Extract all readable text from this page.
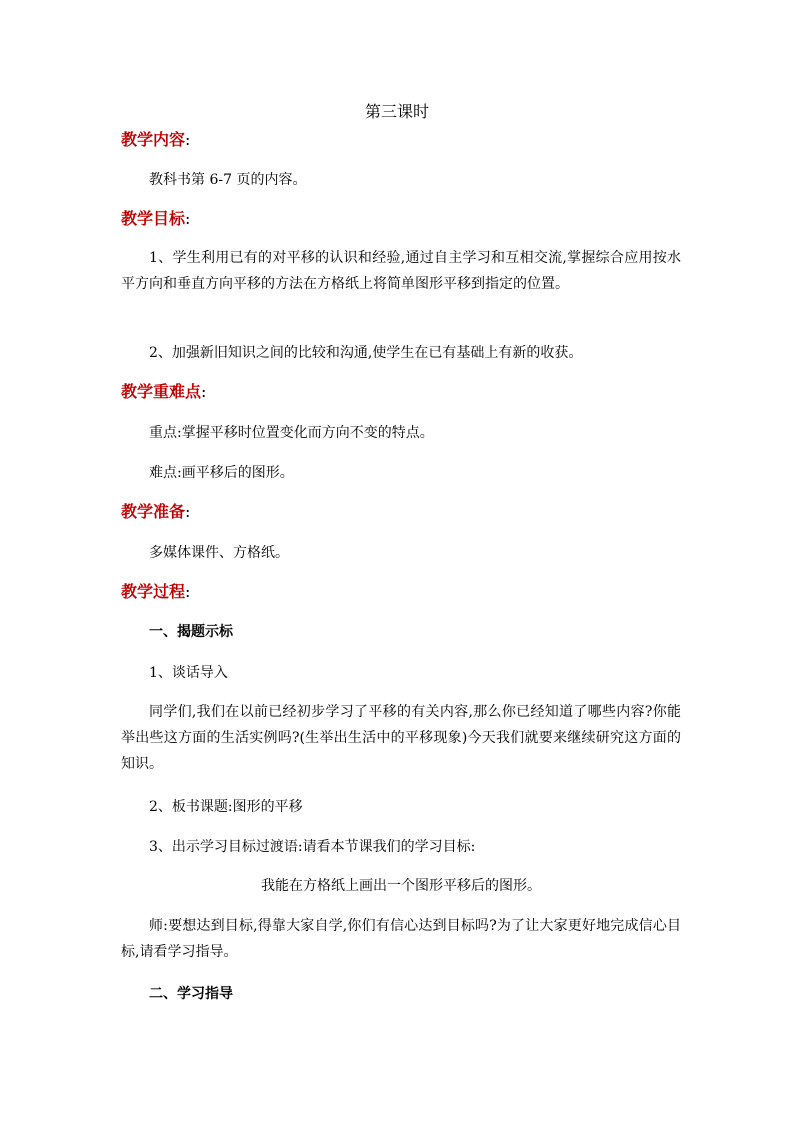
第三课时
教学内容:
教科书第 6-7 页的内容。
教学目标:
1、学生利用已有的对平移的认识和经验,通过自主学习和互相交流,掌握综合应用按水平方向和垂直方向平移的方法在方格纸上将简单图形平移到指定的位置。
2、加强新旧知识之间的比较和沟通,使学生在已有基础上有新的收获。
教学重难点:
重点:掌握平移时位置变化而方向不变的特点。
难点:画平移后的图形。
教学准备:
多媒体课件、方格纸。
教学过程:
一、揭题示标
1、谈话导入
同学们,我们在以前已经初步学习了平移的有关内容,那么你已经知道了哪些内容?你能举出些这方面的生活实例吗?(生举出生活中的平移现象)今天我们就要来继续研究这方面的知识。
2、板书课题:图形的平移
3、出示学习目标过渡语:请看本节课我们的学习目标:
我能在方格纸上画出一个图形平移后的图形。
师:要想达到目标,得靠大家自学,你们有信心达到目标吗?为了让大家更好地完成信心目标,请看学习指导。
二、学习指导
